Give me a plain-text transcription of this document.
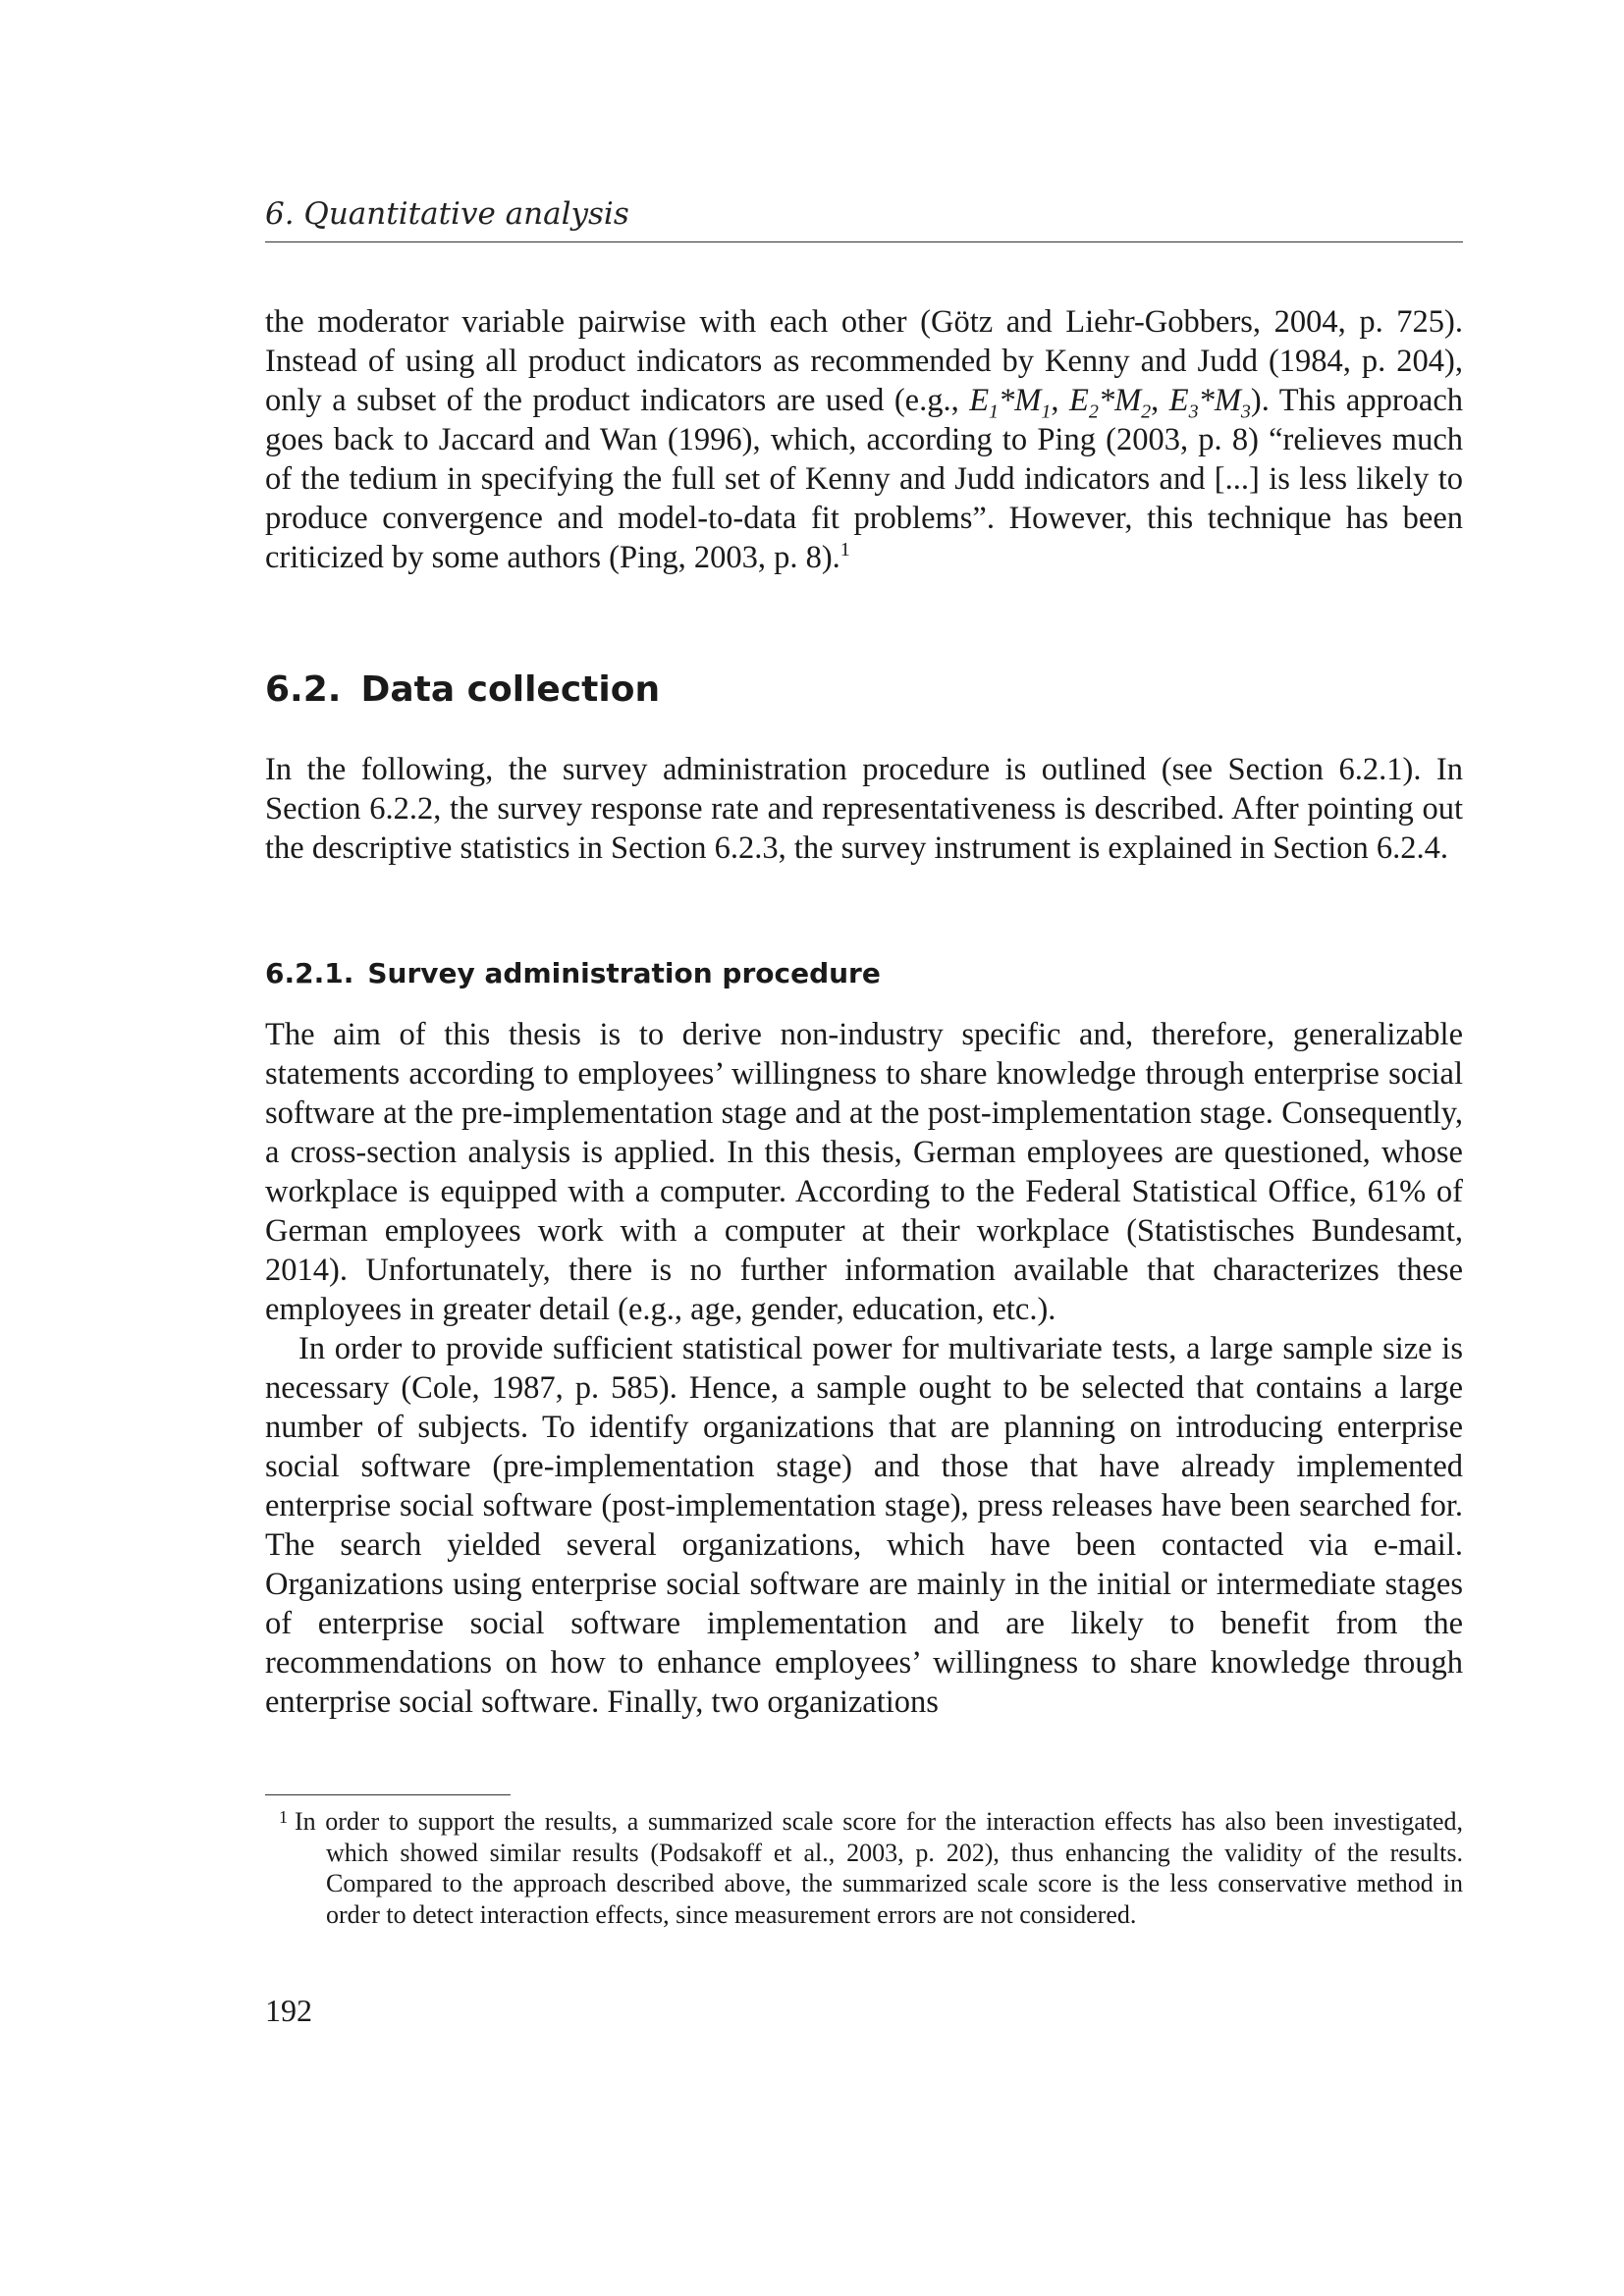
6. Quantitative analysis

the moderator variable pairwise with each other (Götz and Liehr-Gobbers, 2004, p. 725). Instead of using all product indicators as recommended by Kenny and Judd (1984, p. 204), only a subset of the product indicators are used (e.g., $E_1*M_1$, $E_2*M_2$, $E_3*M_3$). This approach goes back to Jaccard and Wan (1996), which, according to Ping (2003, p. 8) “relieves much of the tedium in specifying the full set of Kenny and Judd indicators and [...] is less likely to produce convergence and model-to-data fit problems”. However, this technique has been criticized by some authors (Ping, 2003, p. 8).$^1$

6.2. Data collection

In the following, the survey administration procedure is outlined (see Section 6.2.1). In Section 6.2.2, the survey response rate and representativeness is described. After pointing out the descriptive statistics in Section 6.2.3, the survey instrument is explained in Section 6.2.4.

6.2.1. Survey administration procedure

The aim of this thesis is to derive non-industry specific and, therefore, generalizable statements according to employees’ willingness to share knowledge through enterprise social software at the pre-implementation stage and at the post-implementation stage. Consequently, a cross-section analysis is applied. In this thesis, German employees are questioned, whose workplace is equipped with a computer. According to the Federal Statistical Office, 61% of German employees work with a computer at their workplace (Statistisches Bundesamt, 2014). Unfortunately, there is no further information available that characterizes these employees in greater detail (e.g., age, gender, education, etc.).

In order to provide sufficient statistical power for multivariate tests, a large sample size is necessary (Cole, 1987, p. 585). Hence, a sample ought to be selected that contains a large number of subjects. To identify organizations that are planning on introducing enterprise social software (pre-implementation stage) and those that have already implemented enterprise social software (post-implementation stage), press releases have been searched for. The search yielded several organizations, which have been contacted via e-mail. Organizations using enterprise social software are mainly in the initial or intermediate stages of enterprise social software implementation and are likely to benefit from the recommendations on how to enhance employees’ willingness to share knowledge through enterprise social software. Finally, two organizations

1 In order to support the results, a summarized scale score for the interaction effects has also been investigated, which showed similar results (Podsakoff et al., 2003, p. 202), thus enhancing the validity of the results. Compared to the approach described above, the summarized scale score is the less conservative method in order to detect interaction effects, since measurement errors are not considered.
192
